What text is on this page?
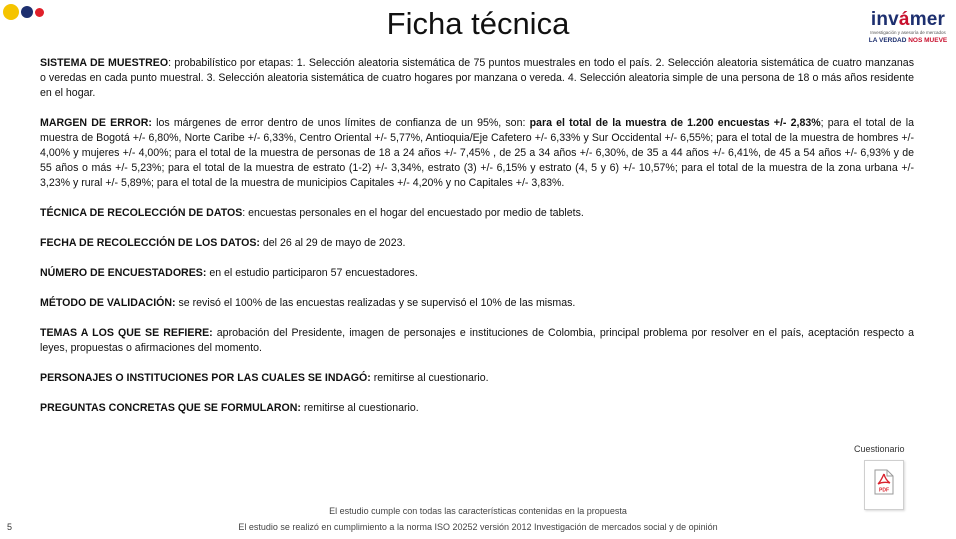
Ficha técnica	invámer
Investigación y asesoría de mercados
LA VERDAD NOS MUEVE

SISTEMA DE MUESTREO: probabilístico por etapas: 1. Selección aleatoria sistemática de 75 puntos muestrales en todo el país. 2. Selección aleatoria sistemática de cuatro manzanas o veredas en cada punto muestral. 3. Selección aleatoria sistemática de cuatro hogares por manzana o vereda. 4. Selección aleatoria simple de una persona de 18 o más años residente en el hogar.

MARGEN DE ERROR: los márgenes de error dentro de unos límites de confianza de un 95%, son: para el total de la muestra de 1.200 encuestas +/- 2,83%; para el total de la muestra de Bogotá +/- 6,80%, Norte Caribe +/- 6,33%, Centro Oriental +/- 5,77%, Antioquia/Eje Cafetero +/- 6,33% y Sur Occidental +/- 6,55%; para el total de la muestra de hombres +/- 4,00% y mujeres +/- 4,00%; para el total de la muestra de personas de 18 a 24 años +/- 7,45% , de 25 a 34 años +/- 6,30%, de 35 a 44 años +/- 6,41%, de 45 a 54 años +/- 6,93% y de 55 años o más +/- 5,23%; para el total de la muestra de estrato (1-2) +/- 3,34%, estrato (3) +/- 6,15% y estrato (4, 5 y 6) +/- 10,57%; para el total de la muestra de la zona urbana +/- 3,23% y rural +/- 5,89%; para el total de la muestra de municipios Capitales +/- 4,20% y no Capitales +/- 3,83%.

TÉCNICA DE RECOLECCIÓN DE DATOS: encuestas personales en el hogar del encuestado por medio de tablets.

FECHA DE RECOLECCIÓN DE LOS DATOS: del 26 al 29 de mayo de 2023.

NÚMERO DE ENCUESTADORES: en el estudio participaron 57 encuestadores.

MÉTODO DE VALIDACIÓN: se revisó el 100% de las encuestas realizadas y se supervisó el 10% de las mismas.

TEMAS A LOS QUE SE REFIERE: aprobación del Presidente, imagen de personajes e instituciones de Colombia, principal problema por resolver en el país, aceptación respecto a leyes, propuestas o afirmaciones del momento.

PERSONAJES O INSTITUCIONES POR LAS CUALES SE INDAGÓ: remitirse al cuestionario.

PREGUNTAS CONCRETAS QUE SE FORMULARON: remitirse al cuestionario.

Cuestionario
PDF
5
El estudio cumple con todas las características contenidas en la propuesta
El estudio se realizó en cumplimiento a la norma ISO 20252 versión 2012 Investigación de mercados social y de opinión
